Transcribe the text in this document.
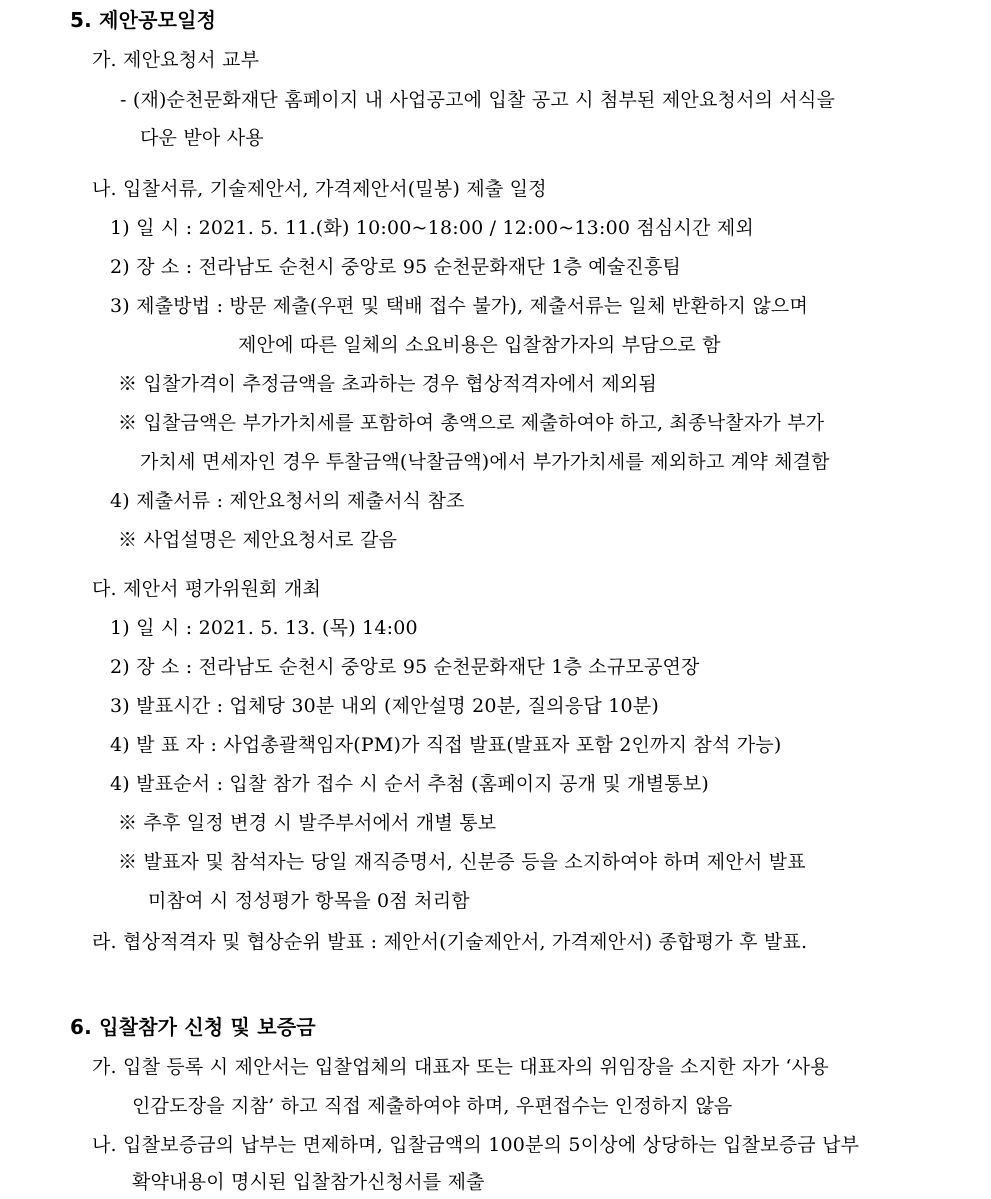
5. 제안공모일정
가. 제안요청서 교부
- (재)순천문화재단 홈페이지 내 사업공고에 입찰 공고 시 첨부된 제안요청서의 서식을
다운 받아 사용
나. 입찰서류, 기술제안서, 가격제안서(밀봉) 제출 일정
1) 일 시 : 2021. 5. 11.(화) 10:00~18:00 / 12:00~13:00 점심시간 제외
2) 장 소 : 전라남도 순천시 중앙로 95 순천문화재단 1층 예술진흥팀
3) 제출방법 : 방문 제출(우편 및 택배 접수 불가), 제출서류는 일체 반환하지 않으며
제안에 따른 일체의 소요비용은 입찰참가자의 부담으로 함
※ 입찰가격이 추정금액을 초과하는 경우 협상적격자에서 제외됨
※ 입찰금액은 부가가치세를 포함하여 총액으로 제출하여야 하고, 최종낙찰자가 부가
가치세 면세자인 경우 투찰금액(낙찰금액)에서 부가가치세를 제외하고 계약 체결함
4) 제출서류 : 제안요청서의 제출서식 참조
※ 사업설명은 제안요청서로 갈음
다. 제안서 평가위원회 개최
1) 일 시 : 2021. 5. 13. (목) 14:00
2) 장 소 : 전라남도 순천시 중앙로 95 순천문화재단 1층 소규모공연장
3) 발표시간 : 업체당 30분 내외 (제안설명 20분, 질의응답 10분)
4) 발 표 자 : 사업총괄책임자(PM)가 직접 발표(발표자 포함 2인까지 참석 가능)
4) 발표순서 : 입찰 참가 접수 시 순서 추첨 (홈페이지 공개 및 개별통보)
※ 추후 일정 변경 시 발주부서에서 개별 통보
※ 발표자 및 참석자는 당일 재직증명서, 신분증 등을 소지하여야 하며 제안서 발표
미참여 시 정성평가 항목을 0점 처리함
라. 협상적격자 및 협상순위 발표 : 제안서(기술제안서, 가격제안서) 종합평가 후 발표.
6. 입찰참가 신청 및 보증금
가. 입찰 등록 시 제안서는 입찰업체의 대표자 또는 대표자의 위임장을 소지한 자가 ‘사용
인감도장을 지참’ 하고 직접 제출하여야 하며, 우편접수는 인정하지 않음
나. 입찰보증금의 납부는 면제하며, 입찰금액의 100분의 5이상에 상당하는 입찰보증금 납부
확약내용이 명시된 입찰참가신청서를 제출
